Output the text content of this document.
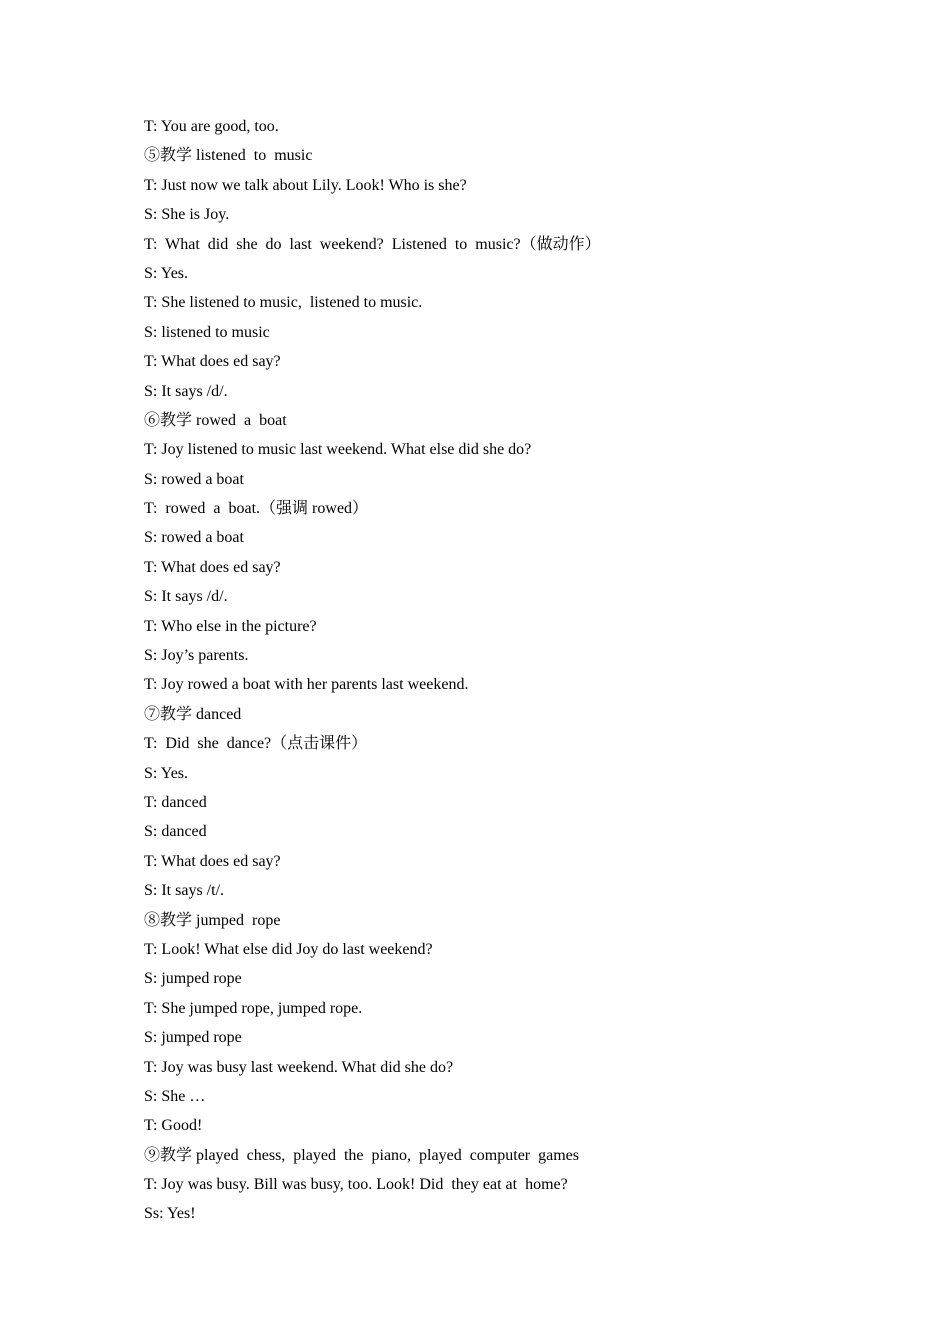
T: You are good, too.
⑤教学 listened  to  music
T: Just now we talk about Lily. Look! Who is she?
S: She is Joy.
T:  What  did  she  do  last  weekend?  Listened  to  music?（做动作）
S: Yes.
T: She listened to music,  listened to music.
S: listened to music
T: What does ed say?
S: It says /d/.
⑥教学 rowed  a  boat
T: Joy listened to music last weekend. What else did she do?
S: rowed a boat
T:  rowed  a  boat.（强调 rowed）
S: rowed a boat
T: What does ed say?
S: It says /d/.
T: Who else in the picture?
S: Joy’s parents.
T: Joy rowed a boat with her parents last weekend.
⑦教学 danced
T:  Did  she  dance?（点击课件）
S: Yes.
T: danced
S: danced
T: What does ed say?
S: It says /t/.
⑧教学 jumped  rope
T: Look! What else did Joy do last weekend?
S: jumped rope
T: She jumped rope, jumped rope.
S: jumped rope
T: Joy was busy last weekend. What did she do?
S: She …
T: Good!
⑨教学 played  chess,  played  the  piano,  played  computer  games
T: Joy was busy. Bill was busy, too. Look! Did  they eat at  home?
Ss: Yes!
